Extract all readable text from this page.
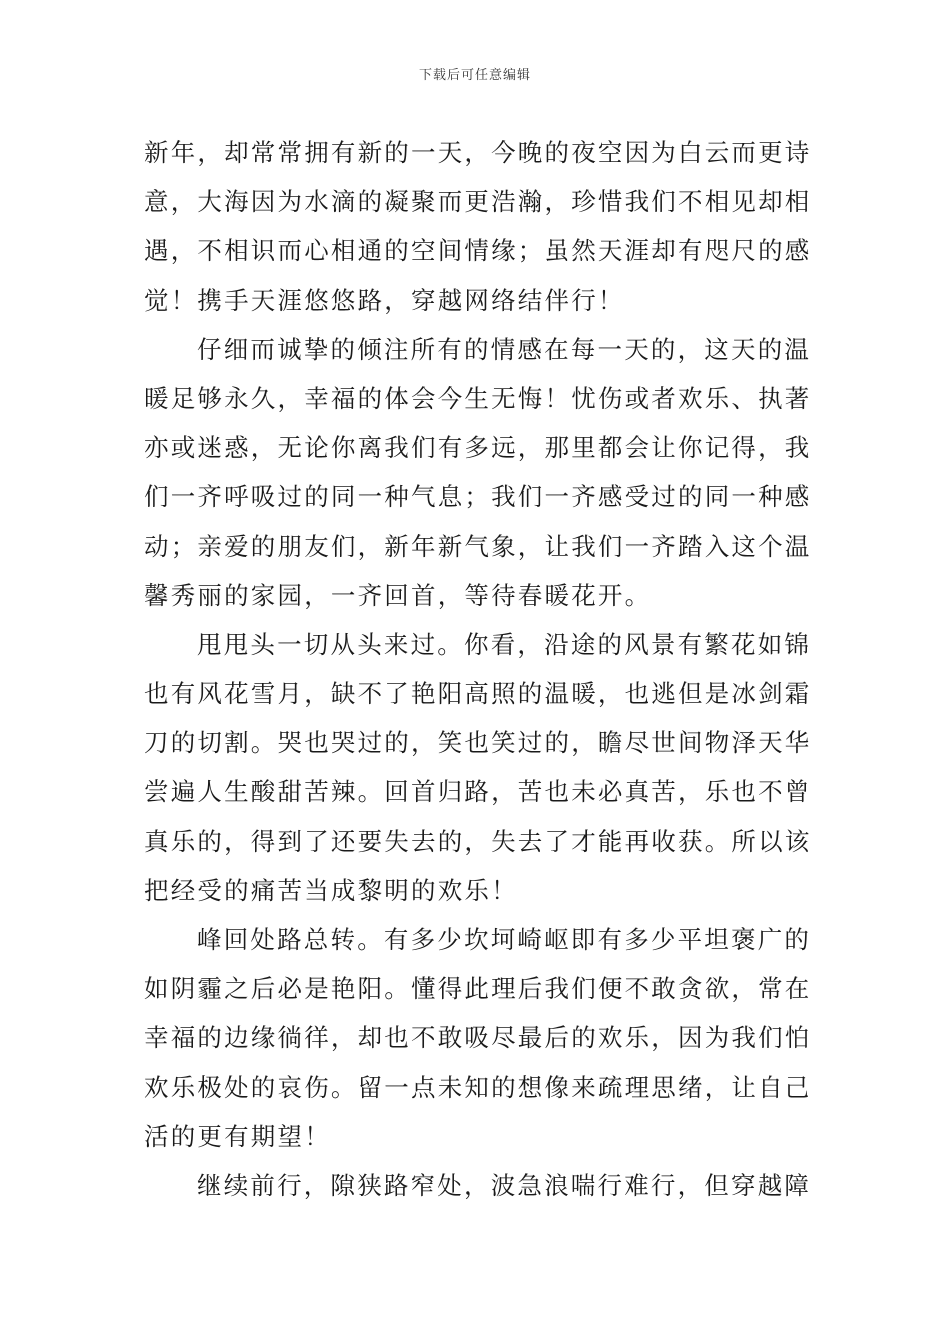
下载后可任意编辑
新年，却常常拥有新的一天，今晚的夜空因为白云而更诗
意，大海因为水滴的凝聚而更浩瀚，珍惜我们不相见却相
遇，不相识而心相通的空间情缘；虽然天涯却有咫尺的感
觉！携手天涯悠悠路，穿越网络结伴行！
仔细而诚挚的倾注所有的情感在每一天的，这天的温
暖足够永久，幸福的体会今生无悔！忧伤或者欢乐、执著
亦或迷惑，无论你离我们有多远，那里都会让你记得，我
们一齐呼吸过的同一种气息；我们一齐感受过的同一种感
动；亲爱的朋友们，新年新气象，让我们一齐踏入这个温
馨秀丽的家园，一齐回首，等待春暖花开。
甩甩头一切从头来过。你看，沿途的风景有繁花如锦
也有风花雪月，缺不了艳阳高照的温暖，也逃但是冰剑霜
刀的切割。哭也哭过的，笑也笑过的，瞻尽世间物泽天华
尝遍人生酸甜苦辣。回首归路，苦也未必真苦，乐也不曾
真乐的，得到了还要失去的，失去了才能再收获。所以该
把经受的痛苦当成黎明的欢乐！
峰回处路总转。有多少坎坷崎岖即有多少平坦褒广的
如阴霾之后必是艳阳。懂得此理后我们便不敢贪欲，常在
幸福的边缘徜徉，却也不敢吸尽最后的欢乐，因为我们怕
欢乐极处的哀伤。留一点未知的想像来疏理思绪，让自己
活的更有期望！
继续前行，隙狭路窄处，波急浪喘行难行，但穿越障
